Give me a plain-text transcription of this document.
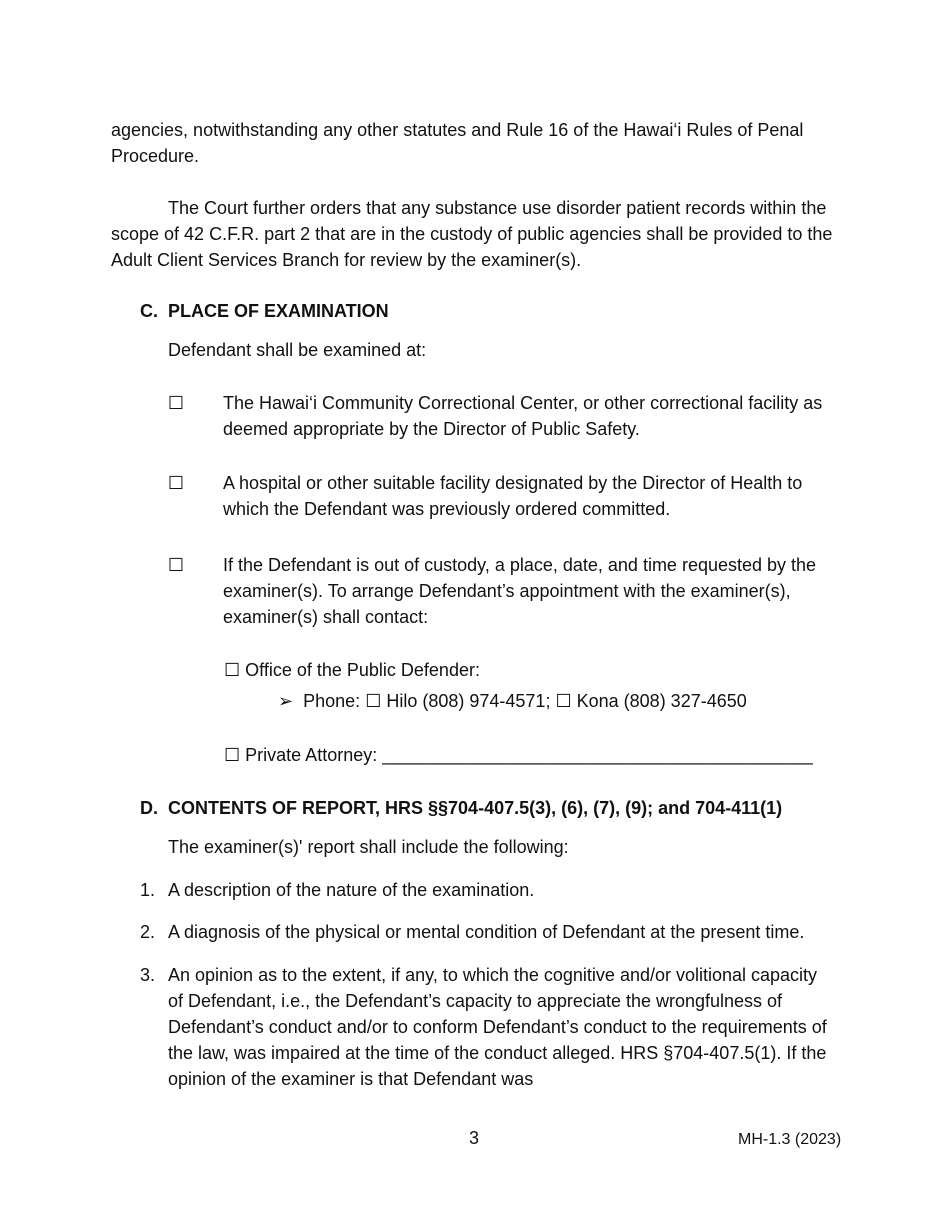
agencies, notwithstanding any other statutes and Rule 16 of the Hawai‘i Rules of Penal Procedure.

The Court further orders that any substance use disorder patient records within the scope of 42 C.F.R. part 2 that are in the custody of public agencies shall be provided to the Adult Client Services Branch for review by the examiner(s).

C. PLACE OF EXAMINATION
Defendant shall be examined at:
☐ The Hawai‘i Community Correctional Center, or other correctional facility as deemed appropriate by the Director of Public Safety.

☐ A hospital or other suitable facility designated by the Director of Health to which the Defendant was previously ordered committed.

☐ If the Defendant is out of custody, a place, date, and time requested by the examiner(s). To arrange Defendant’s appointment with the examiner(s), examiner(s) shall contact:

☐ Office of the Public Defender:
➢ Phone: ☐ Hilo (808) 974-4571; ☐ Kona (808) 327-4650
☐ Private Attorney: ___________________________________________
D. CONTENTS OF REPORT, HRS §§704-407.5(3), (6), (7), (9); and 704-411(1)
The examiner(s)' report shall include the following:
1. A description of the nature of the examination.

2. A diagnosis of the physical or mental condition of Defendant at the present time.

3. An opinion as to the extent, if any, to which the cognitive and/or volitional capacity of Defendant, i.e., the Defendant’s capacity to appreciate the wrongfulness of Defendant’s conduct and/or to conform Defendant’s conduct to the requirements of the law, was impaired at the time of the conduct alleged. HRS §704-407.5(1). If the opinion of the examiner is that Defendant was

3	MH-1.3 (2023)
